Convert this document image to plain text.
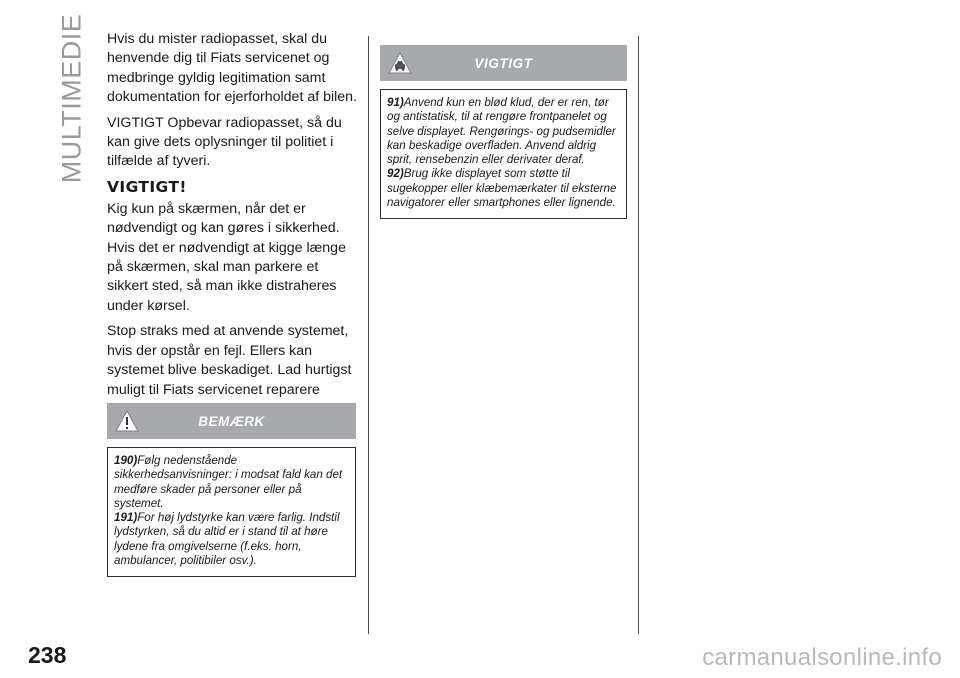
MULTIMEDIE Hvis du mister radiopasset, skal du henvende dig til Fiats servicenet og medbringe gyldig legitimation samt dokumentation for ejerforholdet af bilen.

VIGTIGT Opbevar radiopasset, så du kan give dets oplysninger til politiet i tilfælde af tyveri.

VIGTIGT!

Kig kun på skærmen, når det er nødvendigt og kan gøres i sikkerhed. Hvis det er nødvendigt at kigge længe på skærmen, skal man parkere et sikkert sted, så man ikke distraheres under kørsel.

Stop straks med at anvende systemet, hvis der opstår en fejl. Ellers kan systemet blive beskadiget. Lad hurtigst muligt til Fiats servicenet reparere

BEMÆRK
190)Følg nedenstående sikkerhedsanvisninger: i modsat fald kan det medføre skader på personer eller på systemet.
191)For høj lydstyrke kan være farlig. Indstil lydstyrken, så du altid er i stand til at høre lydene fra omgivelserne (f.eks. horn, ambulancer, politibiler osv.).
VIGTIGT
91)Anvend kun en blød klud, der er ren, tør og antistatisk, til at rengøre frontpanelet og selve displayet. Rengørings- og pudsemidler kan beskadige overfladen. Anvend aldrig sprit, rensebenzin eller derivater deraf.
92)Brug ikke displayet som støtte til sugekopper eller klæbemærkater til eksterne navigatorer eller smartphones eller lignende.
238	carmanualsonline.info
